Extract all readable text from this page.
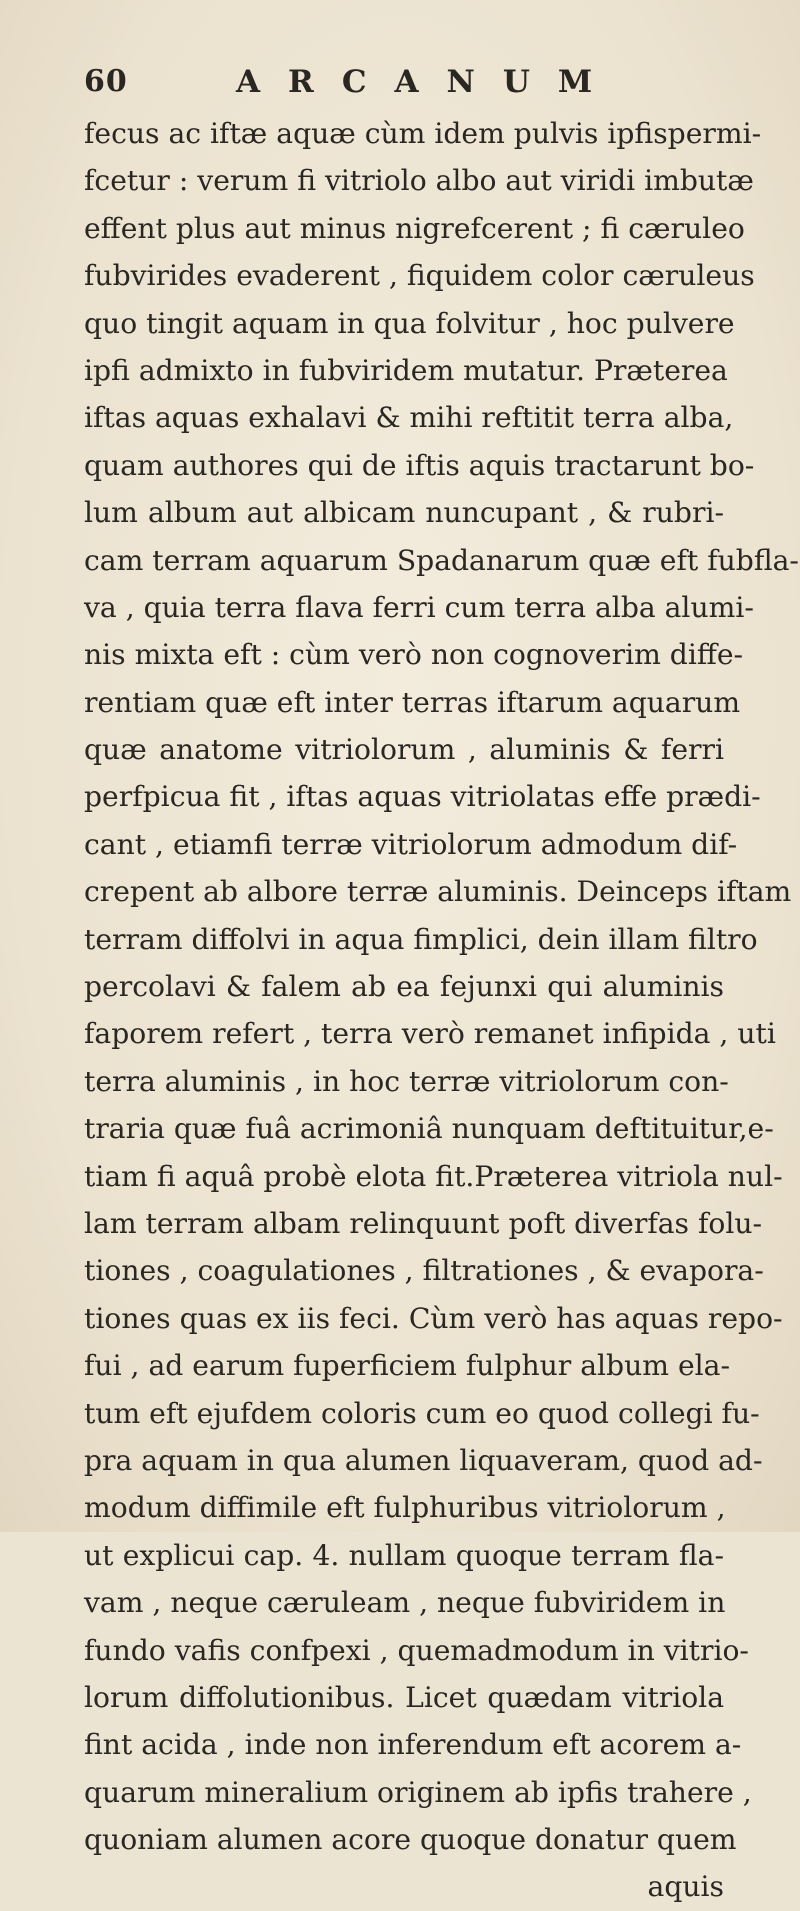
60	ARCANUM
fecus ac iftæ aquæ cùm idem pulvis ipfispermi-
fcetur : verum fi vitriolo albo aut viridi imbutæ
effent plus aut minus nigrefcerent ; fi cæruleo
fubvirides evaderent , fiquidem color cæruleus
quo tingit aquam in qua folvitur , hoc pulvere
ipfi admixto in fubviridem mutatur. Præterea
iftas aquas exhalavi & mihi reftitit terra alba,
quam authores qui de iftis aquis tractarunt bo-
lum album aut albicam nuncupant , & rubri-
cam terram aquarum Spadanarum quæ eft fubfla-
va , quia terra flava ferri cum terra alba alumi-
nis mixta eft : cùm verò non cognoverim diffe-
rentiam quæ eft inter terras iftarum aquarum
quæ anatome vitriolorum , aluminis & ferri
perfpicua fit , iftas aquas vitriolatas effe prædi-
cant , etiamfi terræ vitriolorum admodum dif-
crepent ab albore terræ aluminis. Deinceps iftam
terram diffolvi in aqua fimplici, dein illam filtro
percolavi & falem ab ea fejunxi qui aluminis
faporem refert , terra verò remanet infipida , uti
terra aluminis , in hoc terræ vitriolorum con-
traria quæ fuâ acrimoniâ nunquam deftituitur,e-
tiam fi aquâ probè elota fit.Præterea vitriola nul-
lam terram albam relinquunt poft diverfas folu-
tiones , coagulationes , filtrationes , & evapora-
tiones quas ex iis feci. Cùm verò has aquas repo-
fui , ad earum fuperficiem fulphur album ela-
tum eft ejufdem coloris cum eo quod collegi fu-
pra aquam in qua alumen liquaveram, quod ad-
modum diffimile eft fulphuribus vitriolorum ,
ut explicui cap. 4. nullam quoque terram fla-
vam , neque cæruleam , neque fubviridem in
fundo vafis confpexi , quemadmodum in vitrio-
lorum diffolutionibus. Licet quædam vitriola
fint acida , inde non inferendum eft acorem a-
quarum mineralium originem ab ipfis trahere ,
quoniam alumen acore quoque donatur quem
aquis
